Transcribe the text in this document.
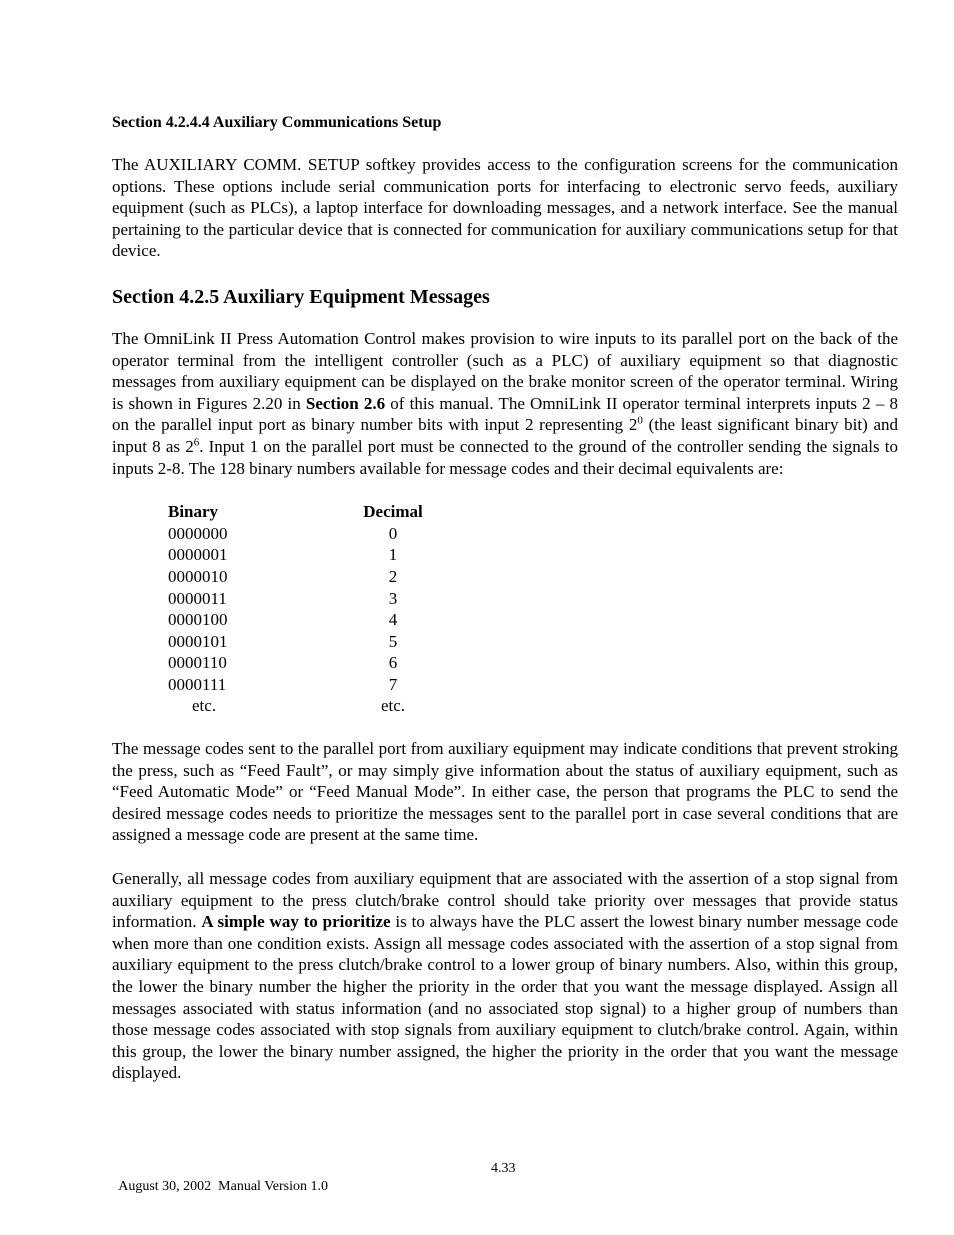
Section 4.2.4.4 Auxiliary Communications Setup

The AUXILIARY COMM. SETUP softkey provides access to the configuration screens for the communication options. These options include serial communication ports for interfacing to electronic servo feeds, auxiliary equipment (such as PLCs), a laptop interface for downloading messages, and a network interface. See the manual pertaining to the particular device that is connected for communication for auxiliary communications setup for that device.

Section 4.2.5 Auxiliary Equipment Messages

The OmniLink II Press Automation Control makes provision to wire inputs to its parallel port on the back of the operator terminal from the intelligent controller (such as a PLC) of auxiliary equipment so that diagnostic messages from auxiliary equipment can be displayed on the brake monitor screen of the operator terminal. Wiring is shown in Figures 2.20 in Section 2.6 of this manual. The OmniLink II operator terminal interprets inputs 2 – 8 on the parallel input port as binary number bits with input 2 representing $2^0$ (the least significant binary bit) and input 8 as $2^6$. Input 1 on the parallel port must be connected to the ground of the controller sending the signals to inputs 2-8. The 128 binary numbers available for message codes and their decimal equivalents are:

Binary	Decimal
0000000	0
0000001	1
0000010	2
0000011	3
0000100	4
0000101	5
0000110	6
0000111	7
etc.	etc.

The message codes sent to the parallel port from auxiliary equipment may indicate conditions that prevent stroking the press, such as “Feed Fault”, or may simply give information about the status of auxiliary equipment, such as “Feed Automatic Mode” or “Feed Manual Mode”. In either case, the person that programs the PLC to send the desired message codes needs to prioritize the messages sent to the parallel port in case several conditions that are assigned a message code are present at the same time.

Generally, all message codes from auxiliary equipment that are associated with the assertion of a stop signal from auxiliary equipment to the press clutch/brake control should take priority over messages that provide status information. A simple way to prioritize is to always have the PLC assert the lowest binary number message code when more than one condition exists. Assign all message codes associated with the assertion of a stop signal from auxiliary equipment to the press clutch/brake control to a lower group of binary numbers. Also, within this group, the lower the binary number the higher the priority in the order that you want the message displayed. Assign all messages associated with status information (and no associated stop signal) to a higher group of numbers than those message codes associated with stop signals from auxiliary equipment to clutch/brake control. Again, within this group, the lower the binary number assigned, the higher the priority in the order that you want the message displayed.

August 30, 2002  Manual Version 1.0

4.33
